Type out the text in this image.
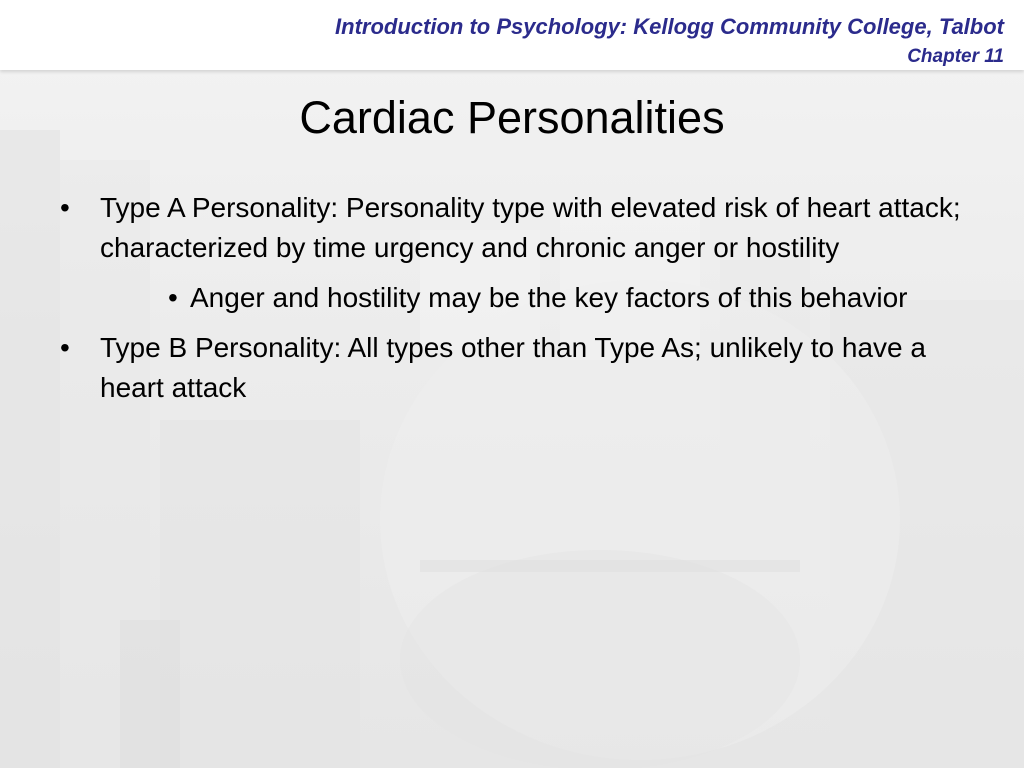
Introduction to Psychology: Kellogg Community College, Talbot
Chapter 11
Cardiac Personalities
• Type A Personality: Personality type with elevated risk of heart attack; characterized by time urgency and chronic anger or hostility
• Anger and hostility may be the key factors of this behavior
• Type B Personality: All types other than Type As; unlikely to have a heart attack
